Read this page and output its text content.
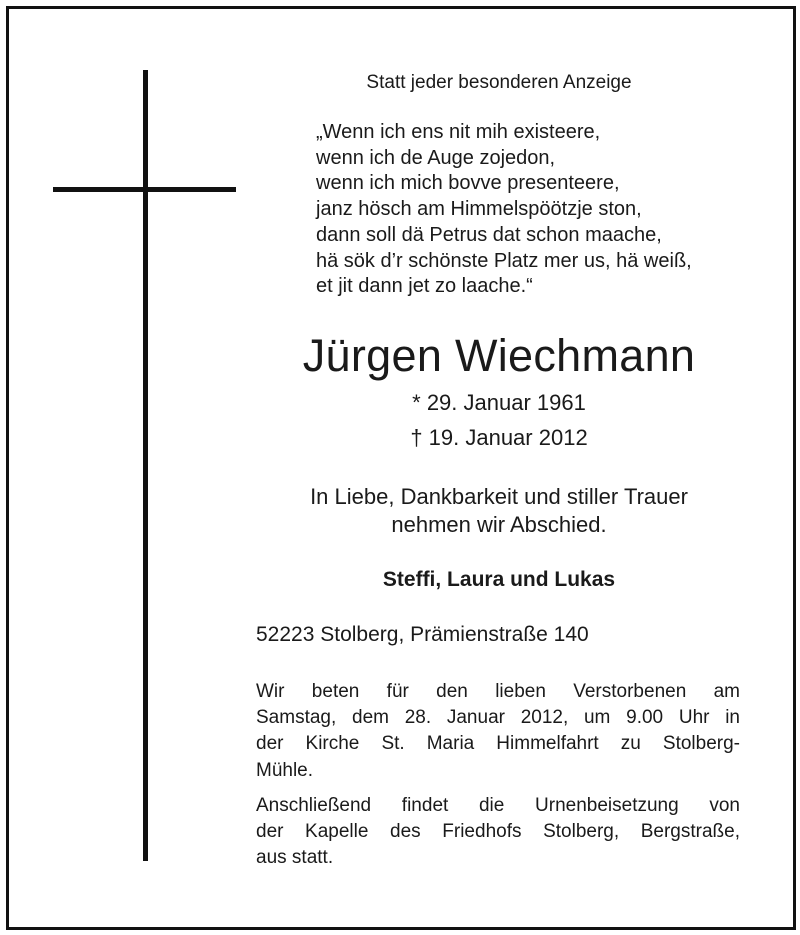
Statt jeder besonderen Anzeige
„Wenn ich ens nit mih existeere,
wenn ich de Auge zojedon,
wenn ich mich bovve presenteere,
janz hösch am Himmelspöötzje ston,
dann soll dä Petrus dat schon maache,
hä sök d’r schönste Platz mer us, hä weiß,
et jit dann jet zo laache.“
Jürgen Wiechmann
* 29. Januar 1961
† 19. Januar 2012
In Liebe, Dankbarkeit und stiller Trauer
nehmen wir Abschied.
Steffi, Laura und Lukas
52223 Stolberg, Prämienstraße 140
Wir beten für den lieben Verstorbenen am
Samstag, dem 28. Januar 2012, um 9.00 Uhr in
der Kirche St. Maria Himmelfahrt zu Stolberg-
Mühle.
Anschließend findet die Urnenbeisetzung von
der Kapelle des Friedhofs Stolberg, Bergstraße,
aus statt.
